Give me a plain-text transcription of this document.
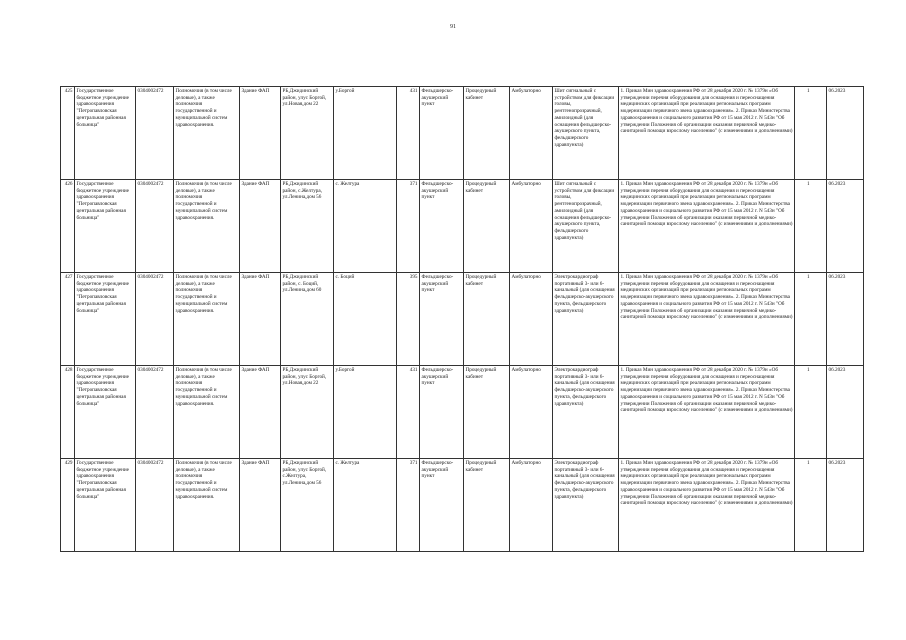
91
425	Государственное бюджетное учреждение здравоохранения "Петропавловская центральная районная больница"	0304002472	Полномочия (в том числе деловые), а также полномочия государственной и муниципальной систем здравоохранения.	Здание ФАП	РБ,Джидинский район, улус Боргой, ул.Новая,дом 22	у.Боргой	431	Фельдшерско-акушерский пункт	Процедурный кабинет	Амбулаторно	Шит сигнальный с устройством для фиксации головы, рентгенопрозрачный, амилоидный (для оснащения фельдшерско-акушерского пункта, фельдшерского здравпункта)	1. Приказ Мин здравоохранения РФ от 28 декабря 2020 г. № 1379н «Об утверждении перечня оборудования для оснащения и переоснащения медицинских организаций при реализации региональных программ модернизации первичного звена здравоохранения». 2. Приказ Министерства здравоохранения и социального развития РФ от 15 мая 2012 г. N 543н "Об утверждении Положения об организации оказания первичной медико-санитарной помощи взрослому населению" (с изменениями и дополнениями)	1	06.2023
426	Государственное бюджетное учреждение здравоохранения "Петропавловская центральная районная больница"	0304002472	Полномочия (в том числе деловые), а также полномочия государственной и муниципальной систем здравоохранения.	Здание ФАП	РБ,Джидинский район, с.Желтура, ул.Ленина,дом 56	с. Желтура	371	Фельдшерско-акушерский пункт	Процедурный кабинет	Амбулаторно	Шит сигнальный с устройством для фиксации головы, рентгенопрозрачный, амилоидный (для оснащения фельдшерско-акушерского пункта, фельдшерского здравпункта)	1. Приказ Мин здравоохранения РФ от 28 декабря 2020 г. № 1379н «Об утверждении перечня оборудования для оснащения и переоснащения медицинских организаций при реализации региональных программ модернизации первичного звена здравоохранения». 2. Приказ Министерства здравоохранения и социального развития РФ от 15 мая 2012 г. N 543н "Об утверждении Положения об организации оказания первичной медико-санитарной помощи взрослому населению" (с изменениями и дополнениями)	1	06.2023
427	Государственное бюджетное учреждение здравоохранения "Петропавловская центральная районная больница"	0304002472	Полномочия (в том числе деловые), а также полномочия государственной и муниципальной систем здравоохранения.	Здание ФАП	РБ,Джидинский район, с. Боций, ул.Ленина,дом 60	с. Боций	395	Фельдшерско-акушерский пункт	Процедурный кабинет	Амбулаторно	Электрокардиограф портативный 3- или 6-канальный (для оснащения фельдшерско-акушерского пункта, фельдшерского здравпункта)	1. Приказ Мин здравоохранения РФ от 28 декабря 2020 г. № 1379н «Об утверждении перечня оборудования для оснащения и переоснащения медицинских организаций при реализации региональных программ модернизации первичного звена здравоохранения». 2. Приказ Министерства здравоохранения и социального развития РФ от 15 мая 2012 г. N 543н "Об утверждении Положения об организации оказания первичной медико-санитарной помощи взрослому населению" (с изменениями и дополнениями)	1	06.2023
428	Государственное бюджетное учреждение здравоохранения "Петропавловская центральная районная больница"	0304002472	Полномочия (в том числе деловые), а также полномочия государственной и муниципальной систем здравоохранения.	Здание ФАП	РБ,Джидинский район, улус Боргой, ул.Новая,дом 22	у.Боргой	431	Фельдшерско-акушерский пункт	Процедурный кабинет	Амбулаторно	Электрокардиограф портативный 3- или 6-канальный (для оснащения фельдшерско-акушерского пункта, фельдшерского здравпункта)	1. Приказ Мин здравоохранения РФ от 28 декабря 2020 г. № 1379н «Об утверждении перечня оборудования для оснащения и переоснащения медицинских организаций при реализации региональных программ модернизации первичного звена здравоохранения». 2. Приказ Министерства здравоохранения и социального развития РФ от 15 мая 2012 г. N 543н "Об утверждении Положения об организации оказания первичной медико-санитарной помощи взрослому населению" (с изменениями и дополнениями)	1	06.2023
429	Государственное бюджетное учреждение здравоохранения "Петропавловская центральная районная больница"	0304002472	Полномочия (в том числе деловые), а также полномочия государственной и муниципальной систем здравоохранения.	Здание ФАП	РБ,Джидинский район, улус Боргой, с.Желтура, ул.Ленина,дом 56	с. Желтура	371	Фельдшерско-акушерский пункт	Процедурный кабинет	Амбулаторно	Электрокардиограф портативный 3- или 6-канальный (для оснащения фельдшерско-акушерского пункта, фельдшерского здравпункта)	1. Приказ Мин здравоохранения РФ от 28 декабря 2020 г. № 1379н «Об утверждении перечня оборудования для оснащения и переоснащения медицинских организаций при реализации региональных программ модернизации первичного звена здравоохранения». 2. Приказ Министерства здравоохранения и социального развития РФ от 15 мая 2012 г. N 543н "Об утверждении Положения об организации оказания первичной медико-санитарной помощи взрослому населению" (с изменениями и дополнениями)	1	06.2023
